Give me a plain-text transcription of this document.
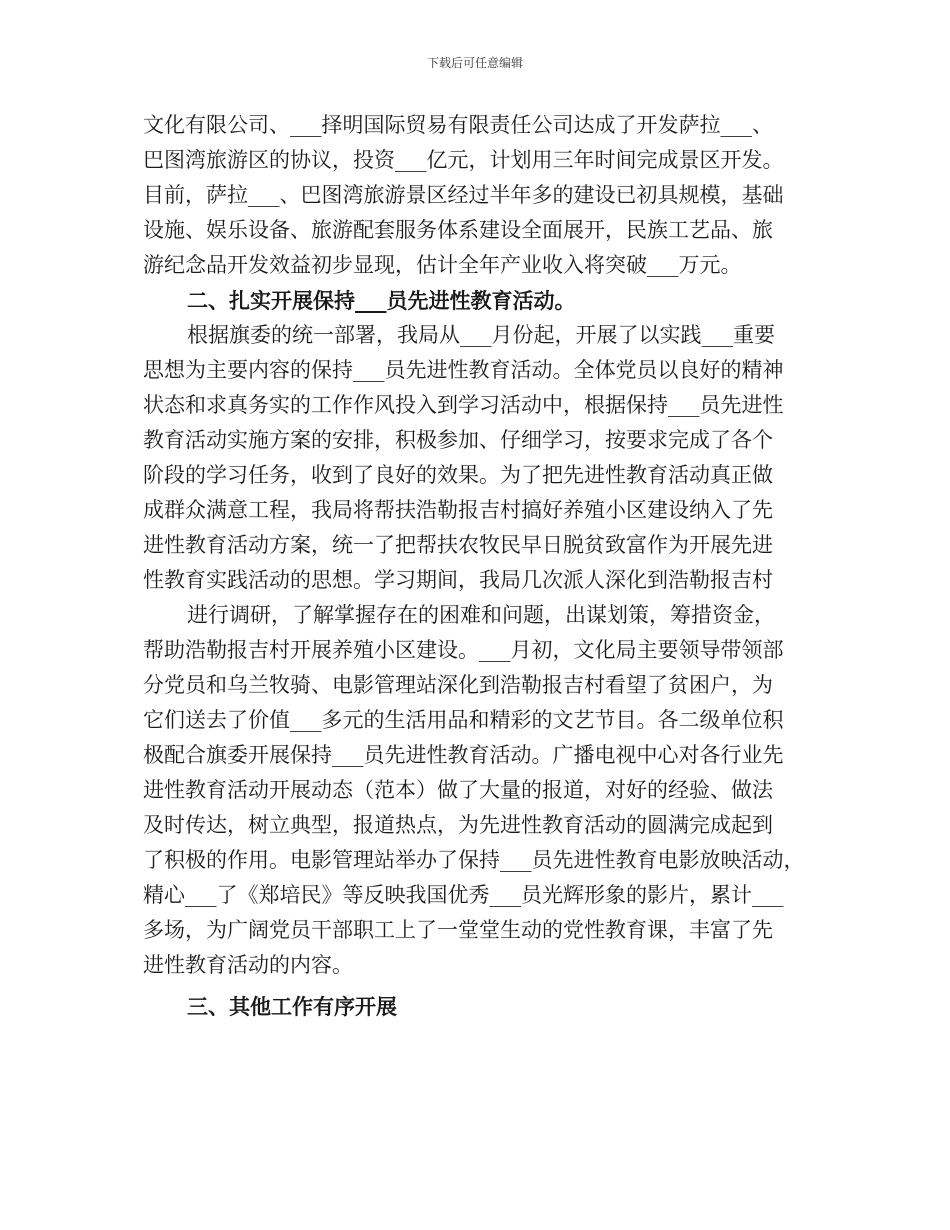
下载后可任意编辑
文化有限公司、___择明国际贸易有限责任公司达成了开发萨拉___、
巴图湾旅游区的协议，投资___亿元，计划用三年时间完成景区开发。
目前，萨拉___、巴图湾旅游景区经过半年多的建设已初具规模，基础
设施、娱乐设备、旅游配套服务体系建设全面展开，民族工艺品、旅
游纪念品开发效益初步显现，估计全年产业收入将突破___万元。
二、扎实开展保持___员先进性教育活动。
根据旗委的统一部署，我局从___月份起，开展了以实践___重要
思想为主要内容的保持___员先进性教育活动。全体党员以良好的精神
状态和求真务实的工作作风投入到学习活动中，根据保持___员先进性
教育活动实施方案的安排，积极参加、仔细学习，按要求完成了各个
阶段的学习任务，收到了良好的效果。为了把先进性教育活动真正做
成群众满意工程，我局将帮扶浩勒报吉村搞好养殖小区建设纳入了先
进性教育活动方案，统一了把帮扶农牧民早日脱贫致富作为开展先进
性教育实践活动的思想。学习期间，我局几次派人深化到浩勒报吉村
进行调研，了解掌握存在的困难和问题，出谋划策，筹措资金，
帮助浩勒报吉村开展养殖小区建设。___月初，文化局主要领导带领部
分党员和乌兰牧骑、电影管理站深化到浩勒报吉村看望了贫困户，为
它们送去了价值___多元的生活用品和精彩的文艺节目。各二级单位积
极配合旗委开展保持___员先进性教育活动。广播电视中心对各行业先
进性教育活动开展动态（范本）做了大量的报道，对好的经验、做法
及时传达，树立典型，报道热点，为先进性教育活动的圆满完成起到
了积极的作用。电影管理站举办了保持___员先进性教育电影放映活动，
精心___了《郑培民》等反映我国优秀___员光辉形象的影片，累计___
多场，为广阔党员干部职工上了一堂堂生动的党性教育课，丰富了先
进性教育活动的内容。
三、其他工作有序开展
